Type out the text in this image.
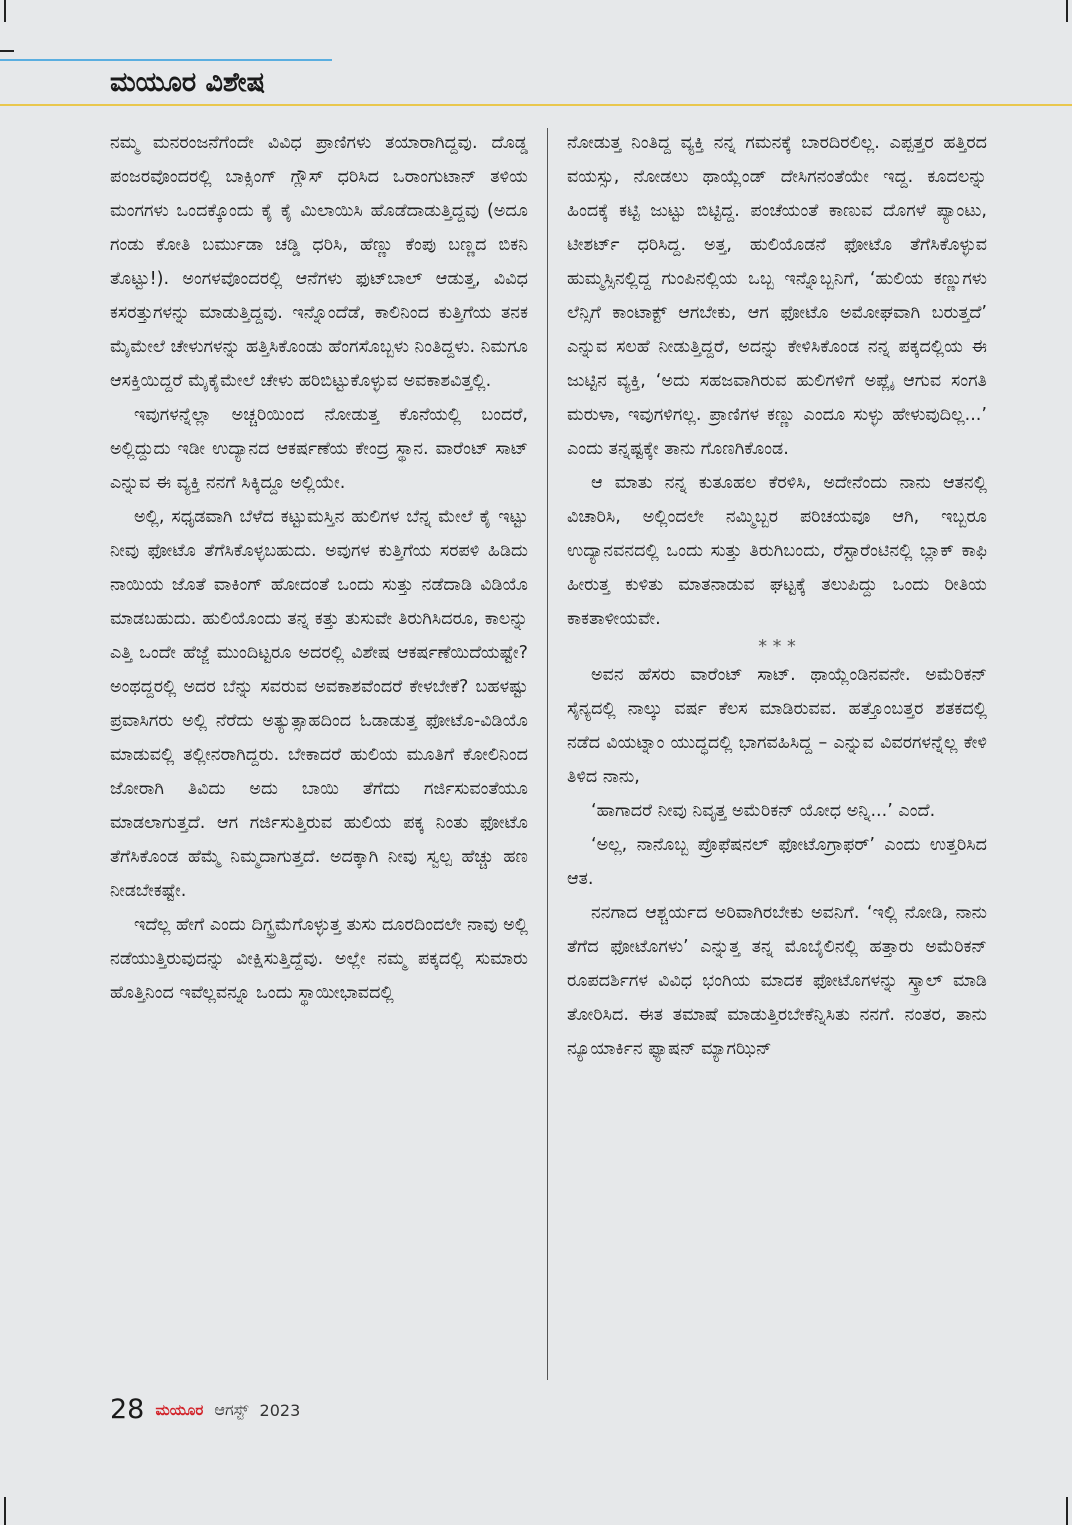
ಮಯೂರ ವಿಶೇಷ

ನಮ್ಮ ಮನರಂಜನೆಗೆಂದೇ ವಿವಿಧ ಪ್ರಾಣಿಗಳು ತಯಾರಾಗಿದ್ದವು. ದೊಡ್ಡ ಪಂಜರವೊಂದರಲ್ಲಿ ಬಾಕ್ಸಿಂಗ್ ಗ್ಲೌಸ್ ಧರಿಸಿದ ಒರಾಂಗುಟಾನ್ ತಳಿಯ ಮಂಗಗಳು ಒಂದಕ್ಕೊಂದು ಕೈ ಕೈ ಮಿಲಾಯಿಸಿ ಹೊಡೆದಾಡುತ್ತಿದ್ದವು (ಅದೂ ಗಂಡು ಕೋತಿ ಬರ್ಮುಡಾ ಚಡ್ಡಿ ಧರಿಸಿ, ಹೆಣ್ಣು ಕೆಂಪು ಬಣ್ಣದ ಬಿಕನಿ ತೊಟ್ಟು!). ಅಂಗಳವೊಂದರಲ್ಲಿ ಆನೆಗಳು ಫುಟ್‌ಬಾಲ್ ಆಡುತ್ತ, ವಿವಿಧ ಕಸರತ್ತುಗಳನ್ನು ಮಾಡುತ್ತಿದ್ದವು. ಇನ್ನೊಂದೆಡೆ, ಕಾಲಿನಿಂದ ಕುತ್ತಿಗೆಯ ತನಕ ಮೈಮೇಲೆ ಚೇಳುಗಳನ್ನು ಹತ್ತಿಸಿಕೊಂಡು ಹೆಂಗಸೊಬ್ಬಳು ನಿಂತಿದ್ದಳು. ನಿಮಗೂ ಆಸಕ್ತಿಯಿದ್ದರೆ ಮೈಕೈಮೇಲೆ ಚೇಳು ಹರಿಬಿಟ್ಟುಕೊಳ್ಳುವ ಅವಕಾಶವಿತ್ತಲ್ಲಿ.

ಇವುಗಳನ್ನೆಲ್ಲಾ ಅಚ್ಚರಿಯಿಂದ ನೋಡುತ್ತ ಕೊನೆಯಲ್ಲಿ ಬಂದರೆ, ಅಲ್ಲಿದ್ದುದು ಇಡೀ ಉದ್ಯಾನದ ಆಕರ್ಷಣೆಯ ಕೇಂದ್ರ ಸ್ಥಾನ. ವಾರೆಂಟ್ ಸಾಟ್ ಎನ್ನುವ ಈ ವ್ಯಕ್ತಿ ನನಗೆ ಸಿಕ್ಕಿದ್ದೂ ಅಲ್ಲಿಯೇ.

ಅಲ್ಲಿ, ಸಧೃಡವಾಗಿ ಬೆಳೆದ ಕಟ್ಟುಮಸ್ತಿನ ಹುಲಿಗಳ ಬೆನ್ನ ಮೇಲೆ ಕೈ ಇಟ್ಟು ನೀವು ಫೋಟೊ ತೆಗೆಸಿಕೊಳ್ಳಬಹುದು. ಅವುಗಳ ಕುತ್ತಿಗೆಯ ಸರಪಳಿ ಹಿಡಿದು ನಾಯಿಯ ಜೊತೆ ವಾಕಿಂಗ್ ಹೋದಂತೆ ಒಂದು ಸುತ್ತು ನಡೆದಾಡಿ ವಿಡಿಯೊ ಮಾಡಬಹುದು. ಹುಲಿಯೊಂದು ತನ್ನ ಕತ್ತು ತುಸುವೇ ತಿರುಗಿಸಿದರೂ, ಕಾಲನ್ನು ಎತ್ತಿ ಒಂದೇ ಹೆಜ್ಜೆ ಮುಂದಿಟ್ಟರೂ ಅದರಲ್ಲಿ ವಿಶೇಷ ಆಕರ್ಷಣೆಯಿದೆಯಷ್ಟೇ? ಅಂಥದ್ದರಲ್ಲಿ ಅದರ ಬೆನ್ನು ಸವರುವ ಅವಕಾಶವೆಂದರೆ ಕೇಳಬೇಕೆ? ಬಹಳಷ್ಟು ಪ್ರವಾಸಿಗರು ಅಲ್ಲಿ ನೆರೆದು ಅತ್ಯುತ್ಸಾಹದಿಂದ ಓಡಾಡುತ್ತ ಫೋಟೊ-ವಿಡಿಯೊ ಮಾಡುವಲ್ಲಿ ತಲ್ಲೀನರಾಗಿದ್ದರು. ಬೇಕಾದರೆ ಹುಲಿಯ ಮೂತಿಗೆ ಕೋಲಿನಿಂದ ಜೋರಾಗಿ ತಿವಿದು ಅದು ಬಾಯಿ ತೆಗೆದು ಗರ್ಜಿಸುವಂತೆಯೂ ಮಾಡಲಾಗುತ್ತದೆ. ಆಗ ಗರ್ಜಿಸುತ್ತಿರುವ ಹುಲಿಯ ಪಕ್ಕ ನಿಂತು ಫೋಟೊ ತೆಗೆಸಿಕೊಂಡ ಹೆಮ್ಮೆ ನಿಮ್ಮದಾಗುತ್ತದೆ. ಅದಕ್ಕಾಗಿ ನೀವು ಸ್ವಲ್ಪ ಹೆಚ್ಚು ಹಣ ನೀಡಬೇಕಷ್ಟೇ.

ಇದೆಲ್ಲ ಹೇಗೆ ಎಂದು ದಿಗ್ಭ್ರಮೆಗೊಳ್ಳುತ್ತ ತುಸು ದೂರದಿಂದಲೇ ನಾವು ಅಲ್ಲಿ ನಡೆಯುತ್ತಿರುವುದನ್ನು ವೀಕ್ಷಿಸುತ್ತಿದ್ದೆವು. ಅಲ್ಲೇ ನಮ್ಮ ಪಕ್ಕದಲ್ಲಿ ಸುಮಾರು ಹೊತ್ತಿನಿಂದ ಇವೆಲ್ಲವನ್ನೂ ಒಂದು ಸ್ಥಾಯೀಭಾವದಲ್ಲಿ

ನೋಡುತ್ತ ನಿಂತಿದ್ದ ವ್ಯಕ್ತಿ ನನ್ನ ಗಮನಕ್ಕೆ ಬಾರದಿರಲಿಲ್ಲ. ಎಪ್ಪತ್ತರ ಹತ್ತಿರದ ವಯಸ್ಸು, ನೋಡಲು ಥಾಯ್ಲೆಂಡ್ ದೇಸಿಗನಂತೆಯೇ ಇದ್ದ. ಕೂದಲನ್ನು ಹಿಂದಕ್ಕೆ ಕಟ್ಟಿ ಜುಟ್ಟು ಬಿಟ್ಟಿದ್ದ. ಪಂಚೆಯಂತೆ ಕಾಣುವ ದೊಗಳೆ ಪ್ಯಾಂಟು, ಟೀಶರ್ಟ್ ಧರಿಸಿದ್ದ. ಅತ್ತ, ಹುಲಿಯೊಡನೆ ಫೋಟೊ ತೆಗೆಸಿಕೊಳ್ಳುವ ಹುಮ್ಮಸ್ಸಿನಲ್ಲಿದ್ದ ಗುಂಪಿನಲ್ಲಿಯ ಒಬ್ಬ ಇನ್ನೊಬ್ಬನಿಗೆ, ‘ಹುಲಿಯ ಕಣ್ಣುಗಳು ಲೆನ್ಸಿಗೆ ಕಾಂಟಾಕ್ಟ್ ಆಗಬೇಕು, ಆಗ ಫೋಟೊ ಅಮೋಘವಾಗಿ ಬರುತ್ತದೆ’ ಎನ್ನುವ ಸಲಹೆ ನೀಡುತ್ತಿದ್ದರೆ, ಅದನ್ನು ಕೇಳಿಸಿಕೊಂಡ ನನ್ನ ಪಕ್ಕದಲ್ಲಿಯ ಈ ಜುಟ್ಟಿನ ವ್ಯಕ್ತಿ, ‘ಅದು ಸಹಜವಾಗಿರುವ ಹುಲಿಗಳಿಗೆ ಅಪ್ಲೈ ಆಗುವ ಸಂಗತಿ ಮರುಳಾ, ಇವುಗಳಿಗಲ್ಲ. ಪ್ರಾಣಿಗಳ ಕಣ್ಣು ಎಂದೂ ಸುಳ್ಳು ಹೇಳುವುದಿಲ್ಲ...’ ಎಂದು ತನ್ನಷ್ಟಕ್ಕೇ ತಾನು ಗೊಣಗಿಕೊಂಡ.

ಆ ಮಾತು ನನ್ನ ಕುತೂಹಲ ಕೆರಳಿಸಿ, ಅದೇನೆಂದು ನಾನು ಆತನಲ್ಲಿ ವಿಚಾರಿಸಿ, ಅಲ್ಲಿಂದಲೇ ನಮ್ಮಿಬ್ಬರ ಪರಿಚಯವೂ ಆಗಿ, ಇಬ್ಬರೂ ಉದ್ಯಾನವನದಲ್ಲಿ ಒಂದು ಸುತ್ತು ತಿರುಗಿಬಂದು, ರೆಸ್ಟಾರೆಂಟಿನಲ್ಲಿ ಬ್ಲಾಕ್ ಕಾಫಿ ಹೀರುತ್ತ ಕುಳಿತು ಮಾತನಾಡುವ ಘಟ್ಟಕ್ಕೆ ತಲುಪಿದ್ದು ಒಂದು ರೀತಿಯ ಕಾಕತಾಳೀಯವೇ.

* * *

ಅವನ ಹೆಸರು ವಾರೆಂಟ್ ಸಾಟ್. ಥಾಯ್ಲೆಂಡಿನವನೇ. ಅಮೆರಿಕನ್ ಸೈನ್ಯದಲ್ಲಿ ನಾಲ್ಕು ವರ್ಷ ಕೆಲಸ ಮಾಡಿರುವವ. ಹತ್ತೊಂಬತ್ತರ ಶತಕದಲ್ಲಿ ನಡೆದ ವಿಯಟ್ನಾಂ ಯುದ್ಧದಲ್ಲಿ ಭಾಗವಹಿಸಿದ್ದ – ಎನ್ನುವ ವಿವರಗಳನ್ನೆಲ್ಲ ಕೇಳಿ ತಿಳಿದ ನಾನು,

‘ಹಾಗಾದರೆ ನೀವು ನಿವೃತ್ತ ಅಮೆರಿಕನ್ ಯೋಧ ಅನ್ನಿ...’ ಎಂದೆ.

‘ಅಲ್ಲ, ನಾನೊಬ್ಬ ಪ್ರೊಫೆಷನಲ್ ಫೋಟೊಗ್ರಾಫರ್’ ಎಂದು ಉತ್ತರಿಸಿದ ಆತ.

ನನಗಾದ ಆಶ್ಚರ್ಯದ ಅರಿವಾಗಿರಬೇಕು ಅವನಿಗೆ. ‘ಇಲ್ಲಿ ನೋಡಿ, ನಾನು ತೆಗೆದ ಫೋಟೊಗಳು’ ಎನ್ನುತ್ತ ತನ್ನ ಮೊಬೈಲಿನಲ್ಲಿ ಹತ್ತಾರು ಅಮೆರಿಕನ್ ರೂಪದರ್ಶಿಗಳ ವಿವಿಧ ಭಂಗಿಯ ಮಾದಕ ಫೋಟೊಗಳನ್ನು ಸ್ಕ್ರಾಲ್ ಮಾಡಿ ತೋರಿಸಿದ. ಈತ ತಮಾಷೆ ಮಾಡುತ್ತಿರಬೇಕೆನ್ನಿಸಿತು ನನಗೆ. ನಂತರ, ತಾನು ನ್ಯೂಯಾರ್ಕಿನ ಫ್ಯಾಷನ್ ಮ್ಯಾಗಝಿನ್

28 ಮಯೂರ ಆಗಸ್ಟ್ 2023
